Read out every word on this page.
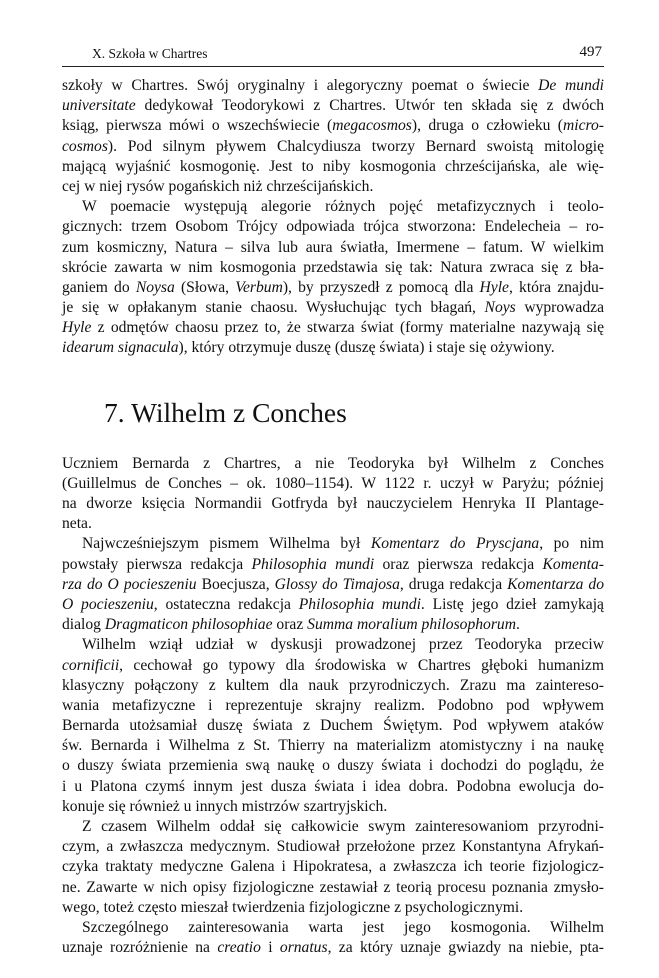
X. Szkoła w Chartres	497
szkoły w Chartres. Swój oryginalny i alegoryczny poemat o świecie De mundi
universitate dedykował Teodorykowi z Chartres. Utwór ten składa się z dwóch
ksiąg, pierwsza mówi o wszechświecie (megacosmos), druga o człowieku (micro-
cosmos). Pod silnym pływem Chalcydiusza tworzy Bernard swoistą mitologię
mającą wyjaśnić kosmogonię. Jest to niby kosmogonia chrześcijańska, ale wię-
cej w niej rysów pogańskich niż chrześcijańskich.
W poemacie występują alegorie różnych pojęć metafizycznych i teolo-
gicznych: trzem Osobom Trójcy odpowiada trójca stworzona: Endelecheia – ro-
zum kosmiczny, Natura – silva lub aura światła, Imermene – fatum. W wielkim
skrócie zawarta w nim kosmogonia przedstawia się tak: Natura zwraca się z bła-
ganiem do Noysa (Słowa, Verbum), by przyszedł z pomocą dla Hyle, która znajdu-
je się w opłakanym stanie chaosu. Wysłuchując tych błagań, Noys wyprowadza
Hyle z odmętów chaosu przez to, że stwarza świat (formy materialne nazywają się
idearum signacula), który otrzymuje duszę (duszę świata) i staje się ożywiony.
7. Wilhelm z Conches
Uczniem Bernarda z Chartres, a nie Teodoryka był Wilhelm z Conches
(Guillelmus de Conches – ok. 1080–1154). W 1122 r. uczył w Paryżu; później
na dworze księcia Normandii Gotfryda był nauczycielem Henryka II Plantage-
neta.
Najwcześniejszym pismem Wilhelma był Komentarz do Pryscjana, po nim
powstały pierwsza redakcja Philosophia mundi oraz pierwsza redakcja Komenta-
rza do O pocieszeniu Boecjusza, Glossy do Timajosa, druga redakcja Komentarza do
O pocieszeniu, ostateczna redakcja Philosophia mundi. Listę jego dzieł zamykają
dialog Dragmaticon philosophiae oraz Summa moralium philosophorum.
Wilhelm wziął udział w dyskusji prowadzonej przez Teodoryka przeciw
cornificii, cechował go typowy dla środowiska w Chartres głęboki humanizm
klasyczny połączony z kultem dla nauk przyrodniczych. Zrazu ma zaintereso-
wania metafizyczne i reprezentuje skrajny realizm. Podobno pod wpływem
Bernarda utożsamiał duszę świata z Duchem Świętym. Pod wpływem ataków
św. Bernarda i Wilhelma z St. Thierry na materializm atomistyczny i na naukę
o duszy świata przemienia swą naukę o duszy świata i dochodzi do poglądu, że
i u Platona czymś innym jest dusza świata i idea dobra. Podobna ewolucja do-
konuje się również u innych mistrzów szartryjskich.
Z czasem Wilhelm oddał się całkowicie swym zainteresowaniom przyrodni-
czym, a zwłaszcza medycznym. Studiował przełożone przez Konstantyna Afrykań-
czyka traktaty medyczne Galena i Hipokratesa, a zwłaszcza ich teorie fizjologicz-
ne. Zawarte w nich opisy fizjologiczne zestawiał z teorią procesu poznania zmysło-
wego, toteż często mieszał twierdzenia fizjologiczne z psychologicznymi.
Szczególnego zainteresowania warta jest jego kosmogonia. Wilhelm
uznaje rozróżnienie na creatio i ornatus, za który uznaje gwiazdy na niebie, pta-
